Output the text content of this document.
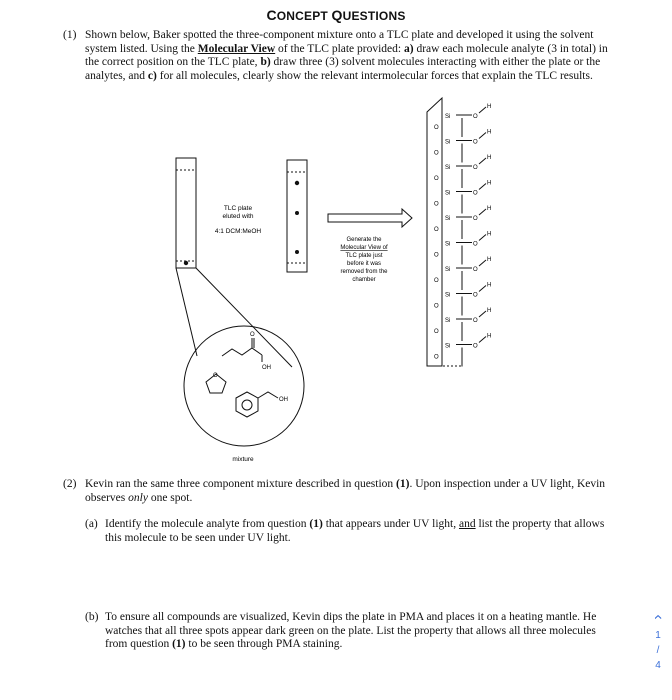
CONCEPT QUESTIONS
(1) Shown below, Baker spotted the three-component mixture onto a TLC plate and developed it using the solvent system listed. Using the Molecular View of the TLC plate provided: a) draw each molecule analyte (3 in total) in the correct position on the TLC plate, b) draw three (3) solvent molecules interacting with either the plate or the analytes, and c) for all molecules, clearly show the relevant intermolecular forces that explain the TLC results.
TLC plate
eluted with
4:1 DCM:MeOH
Generate the
Molecular View of
TLC plate just
before it was
removed from the
chamber
OH
OH
O
O
mixture
Si	O
H
O
Si	O
H
O
Si	O
H
O
Si	O
H
O
Si	O
H
O
Si	O
H
O
Si	O
H
O
Si	O
H
O
Si	O
H
O
Si	O
H
O
(2) Kevin ran the same three component mixture described in question (1). Upon inspection under a UV light, Kevin observes only one spot.
(a) Identify the molecule analyte from question (1) that appears under UV light, and list the property that allows this molecule to be seen under UV light.
(b) To ensure all compounds are visualized, Kevin dips the plate in PMA and places it on a heating mantle. He watches that all three spots appear dark green on the plate. List the property that allows all three molecules from question (1) to be seen through PMA staining.
‹
1
/
4
